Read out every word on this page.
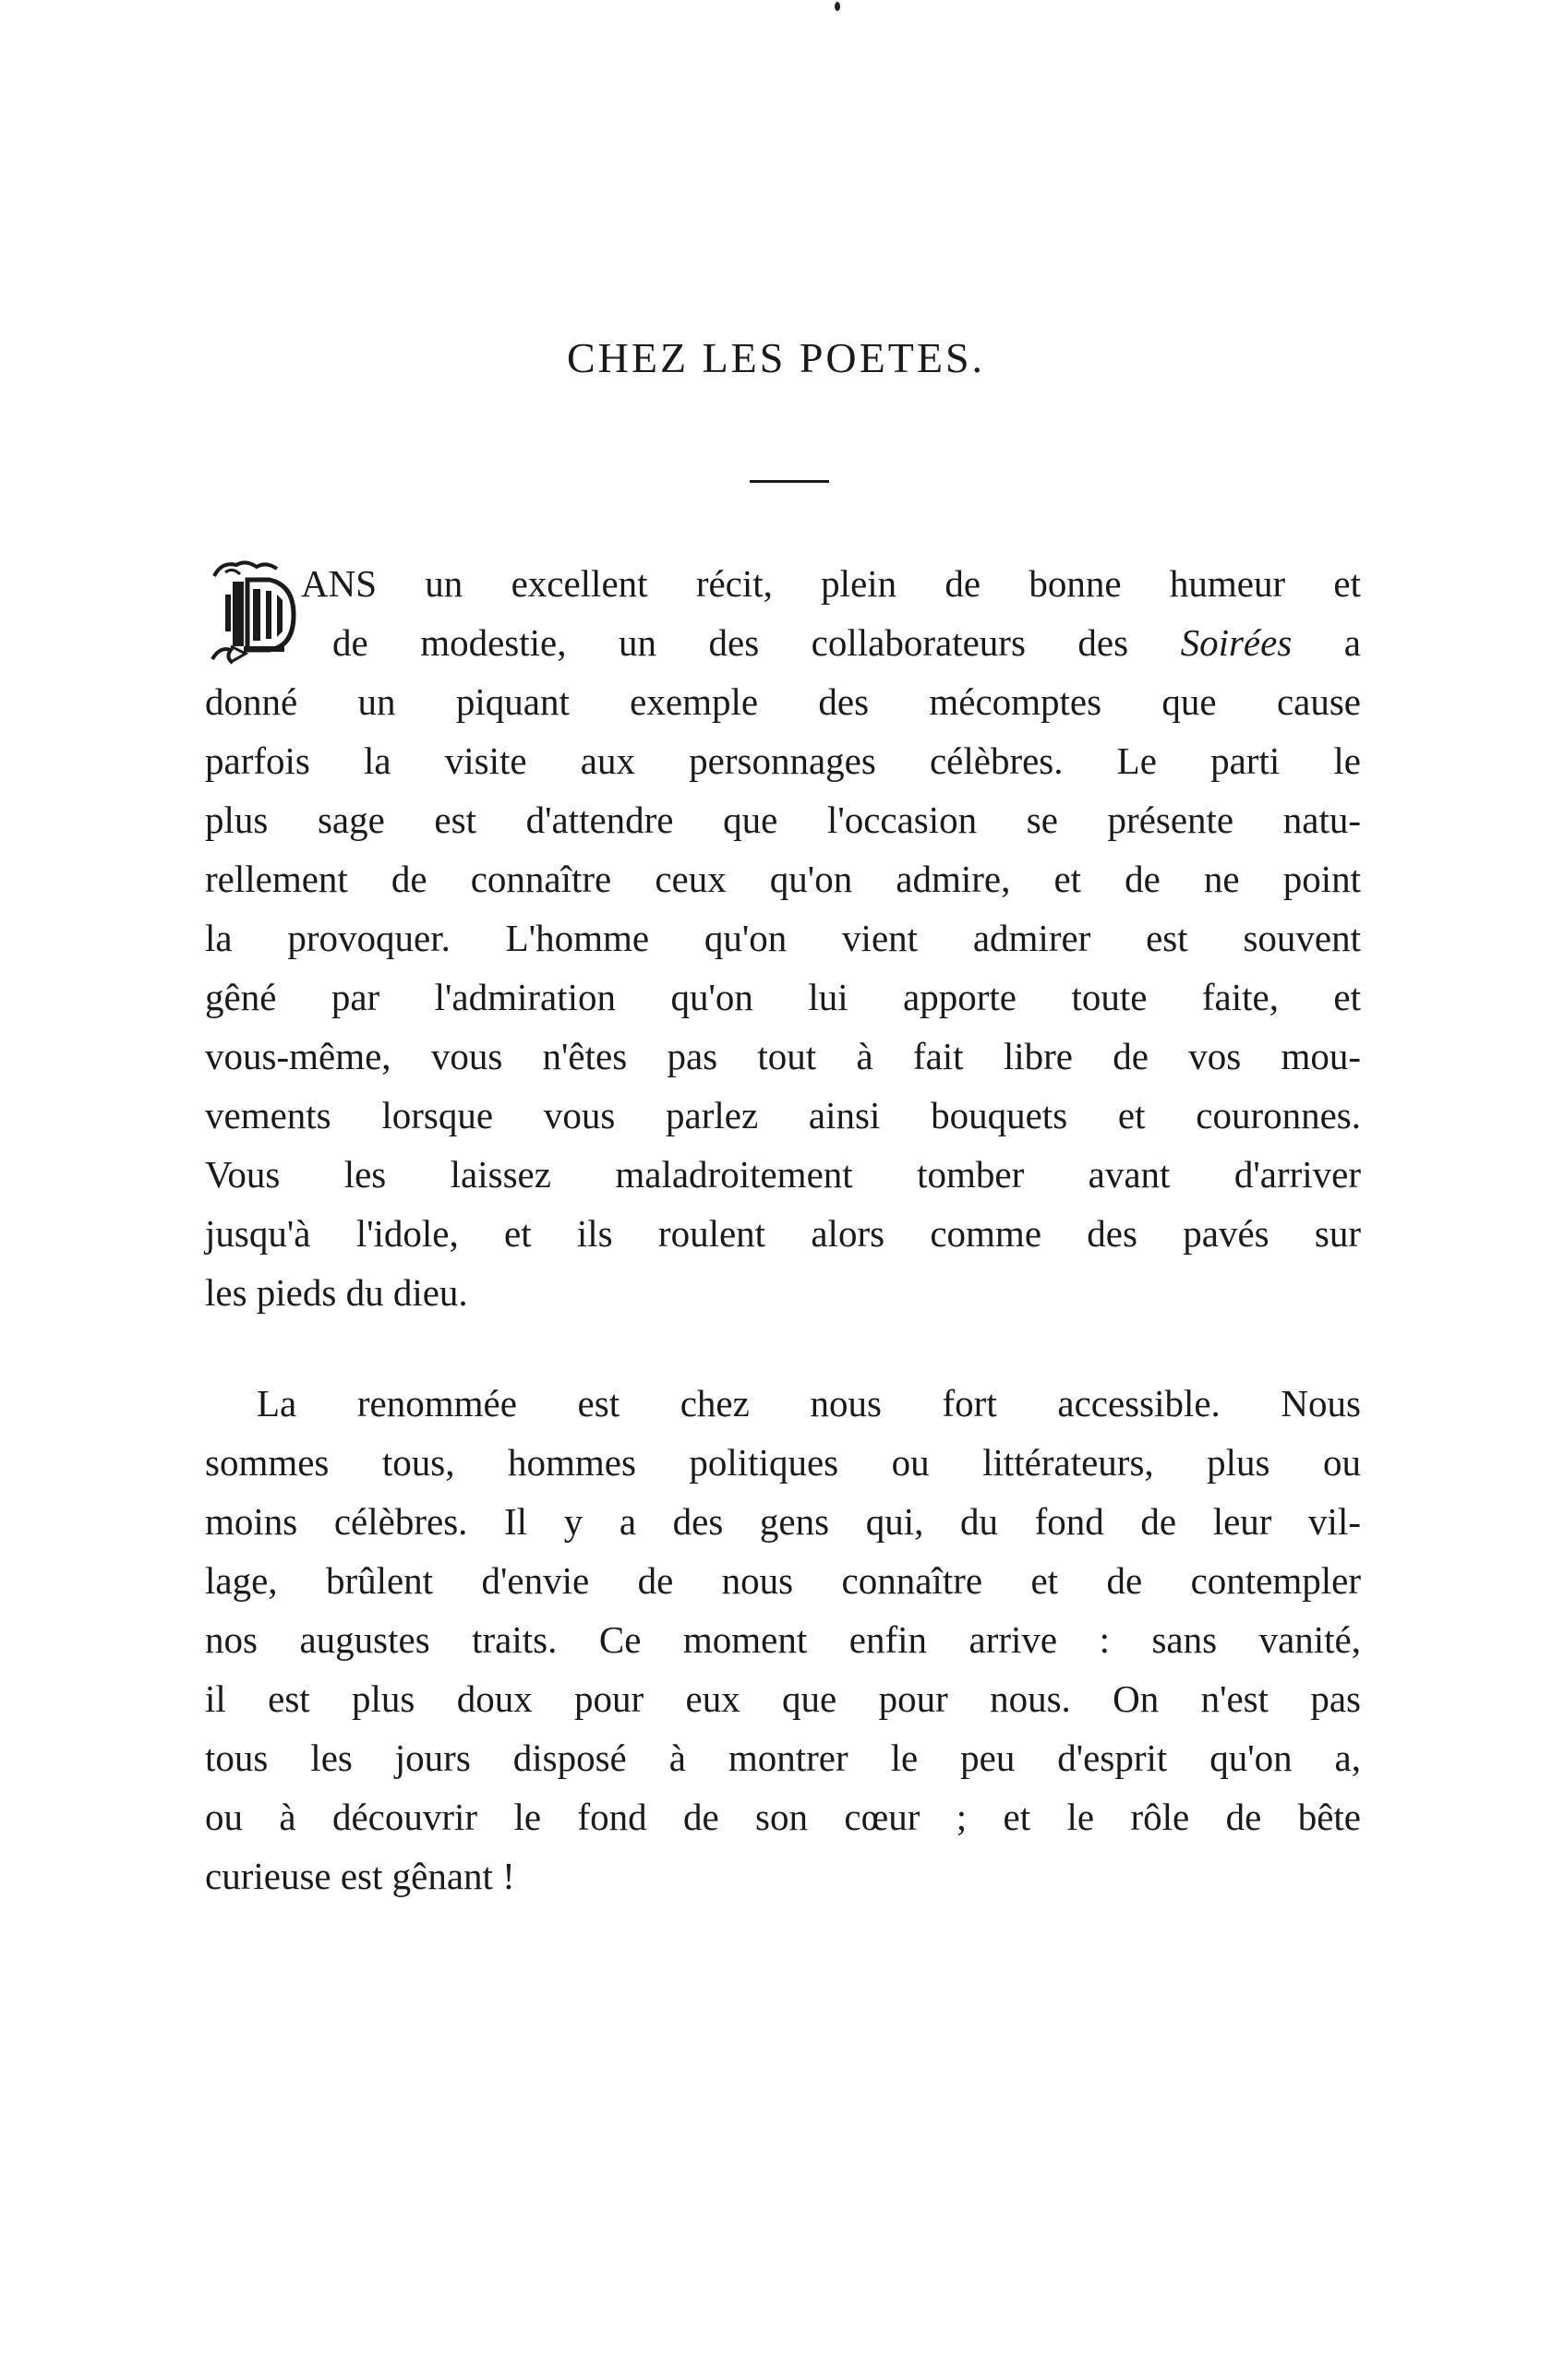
CHEZ LES POETES.
ANS un excellent récit, plein de bonne humeur et
de modestie, un des collaborateurs des Soirées a
donné un piquant exemple des mécomptes que cause
parfois la visite aux personnages célèbres. Le parti le
plus sage est d'attendre que l'occasion se présente natu-
rellement de connaître ceux qu'on admire, et de ne point
la provoquer. L'homme qu'on vient admirer est souvent
gêné par l'admiration qu'on lui apporte toute faite, et
vous-même, vous n'êtes pas tout à fait libre de vos mou-
vements lorsque vous parlez ainsi bouquets et couronnes.
Vous les laissez maladroitement tomber avant d'arriver
jusqu'à l'idole, et ils roulent alors comme des pavés sur
les pieds du dieu.
La renommée est chez nous fort accessible. Nous
sommes tous, hommes politiques ou littérateurs, plus ou
moins célèbres. Il y a des gens qui, du fond de leur vil-
lage, brûlent d'envie de nous connaître et de contempler
nos augustes traits. Ce moment enfin arrive : sans vanité,
il est plus doux pour eux que pour nous. On n'est pas
tous les jours disposé à montrer le peu d'esprit qu'on a,
ou à découvrir le fond de son cœur ; et le rôle de bête
curieuse est gênant !
